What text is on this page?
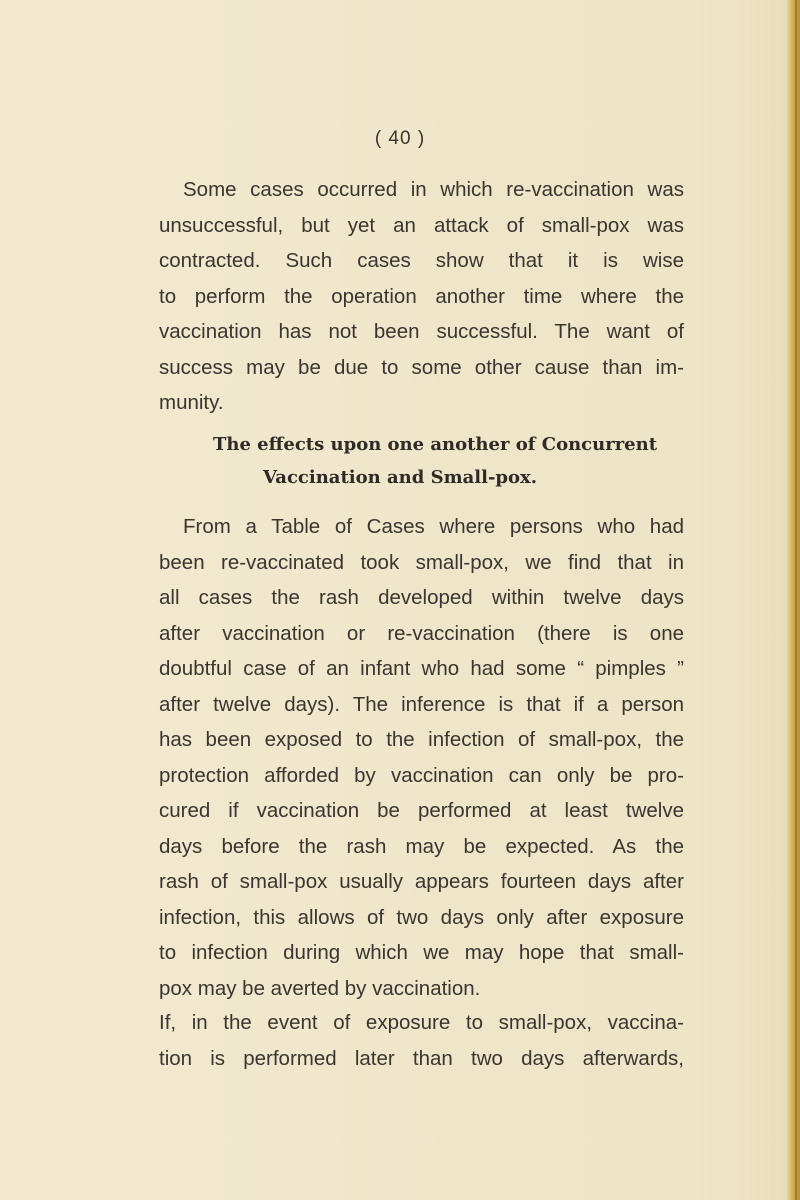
( 40 )

Some cases occurred in which re-vaccination was
unsuccessful, but yet an attack of small-pox was
contracted. Such cases show that it is wise
to perform the operation another time where the
vaccination has not been successful. The want of
success may be due to some other cause than im-
munity.

The effects upon one another of Concurrent
Vaccination and Small-pox.

From a Table of Cases where persons who had
been re-vaccinated took small-pox, we find that in
all cases the rash developed within twelve days
after vaccination or re-vaccination (there is one
doubtful case of an infant who had some “ pimples ”
after twelve days). The inference is that if a person
has been exposed to the infection of small-pox, the
protection afforded by vaccination can only be pro-
cured if vaccination be performed at least twelve
days before the rash may be expected. As the
rash of small-pox usually appears fourteen days after
infection, this allows of two days only after exposure
to infection during which we may hope that small-
pox may be averted by vaccination.

If, in the event of exposure to small-pox, vaccina-
tion is performed later than two days afterwards,
